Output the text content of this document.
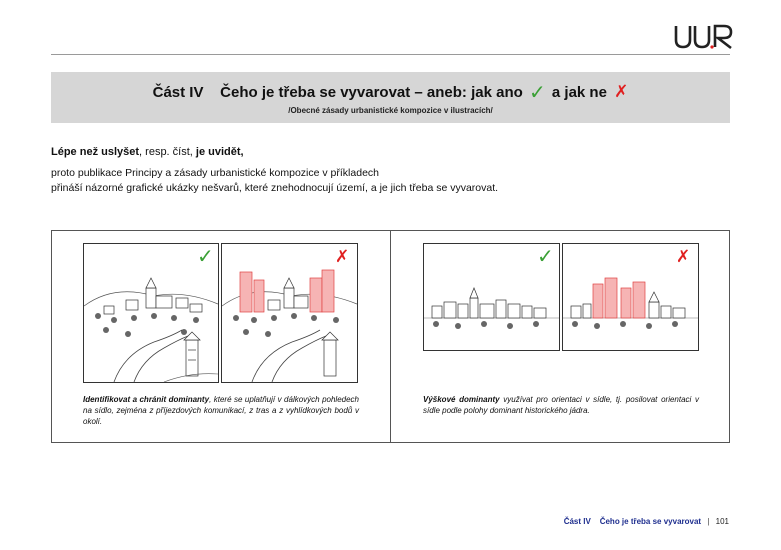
Část IV Čeho je třeba se vyvarovat – aneb: jak ano ✓ a jak ne ✗
/Obecné zásady urbanistické kompozice v ilustracích/
Lépe než uslyšet, resp. číst, je uvidět,
proto publikace Principy a zásady urbanistické kompozice v příkladech
přináší názorné grafické ukázky nešvarů, které znehodnocují území, a je jich třeba se vyvarovat.
✓	✗
Identifikovat a chránit dominanty, které se uplatňují v dálkových pohledech na sídlo, zejména z příjezdových komunikací, z tras a z vyhlídkových bodů v okolí.
✓	✗
Výškové dominanty využívat pro orientaci v sídle, tj. posilovat orientaci v sídle podle polohy dominant historického jádra.
Část IV Čeho je třeba se vyvarovat | 101
